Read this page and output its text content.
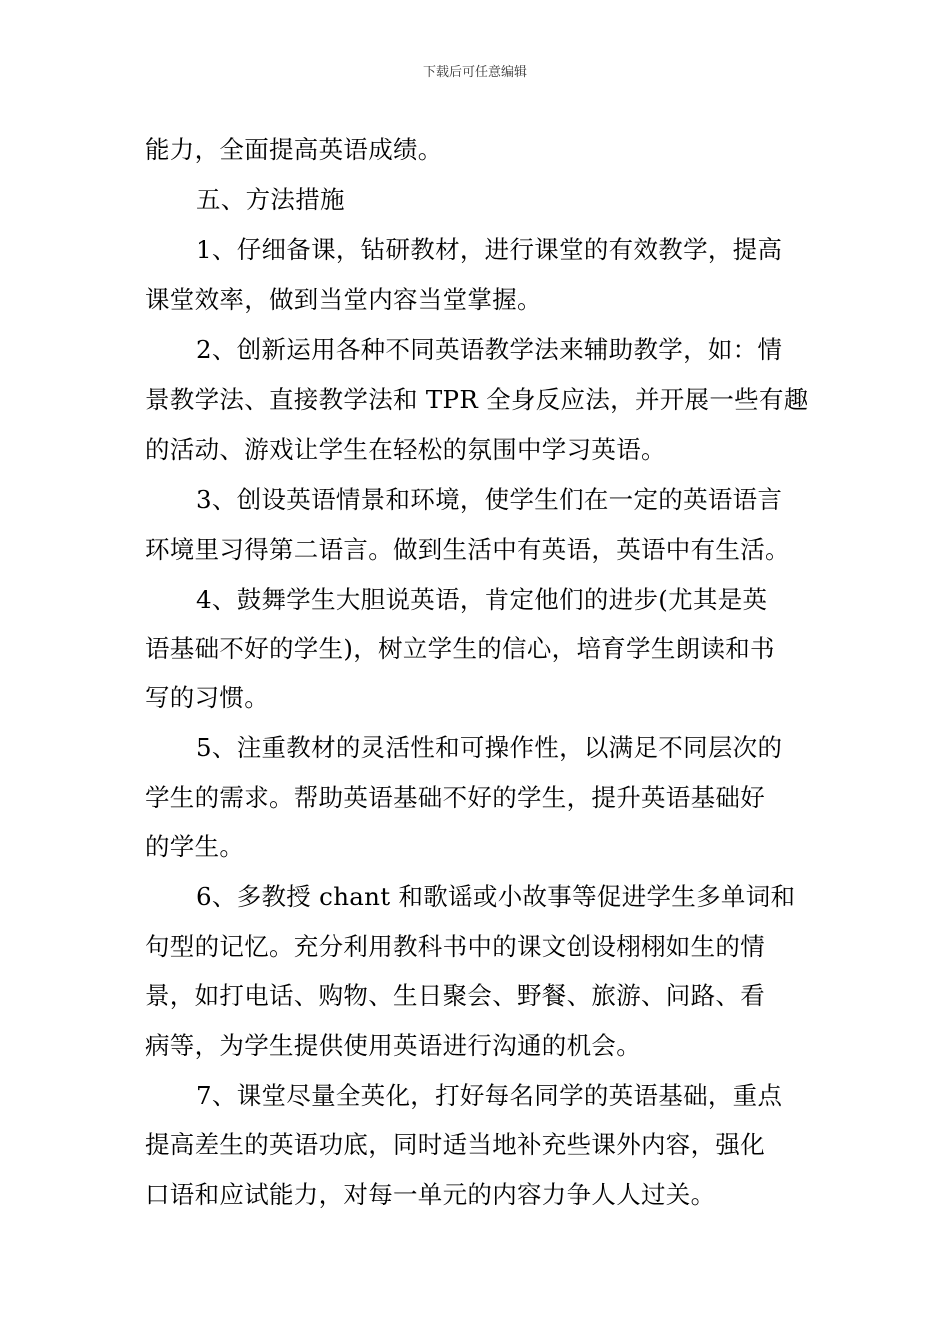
下载后可任意编辑
能力，全面提高英语成绩。
五、方法措施
1、仔细备课，钻研教材，进行课堂的有效教学，提高
课堂效率，做到当堂内容当堂掌握。
2、创新运用各种不同英语教学法来辅助教学，如：情
景教学法、直接教学法和 TPR 全身反应法，并开展一些有趣
的活动、游戏让学生在轻松的氛围中学习英语。
3、创设英语情景和环境，使学生们在一定的英语语言
环境里习得第二语言。做到生活中有英语，英语中有生活。
4、鼓舞学生大胆说英语，肯定他们的进步(尤其是英
语基础不好的学生)，树立学生的信心，培育学生朗读和书
写的习惯。
5、注重教材的灵活性和可操作性，以满足不同层次的
学生的需求。帮助英语基础不好的学生，提升英语基础好
的学生。
6、多教授 chant 和歌谣或小故事等促进学生多单词和
句型的记忆。充分利用教科书中的课文创设栩栩如生的情
景，如打电话、购物、生日聚会、野餐、旅游、问路、看
病等，为学生提供使用英语进行沟通的机会。
7、课堂尽量全英化，打好每名同学的英语基础，重点
提高差生的英语功底，同时适当地补充些课外内容，强化
口语和应试能力，对每一单元的内容力争人人过关。
